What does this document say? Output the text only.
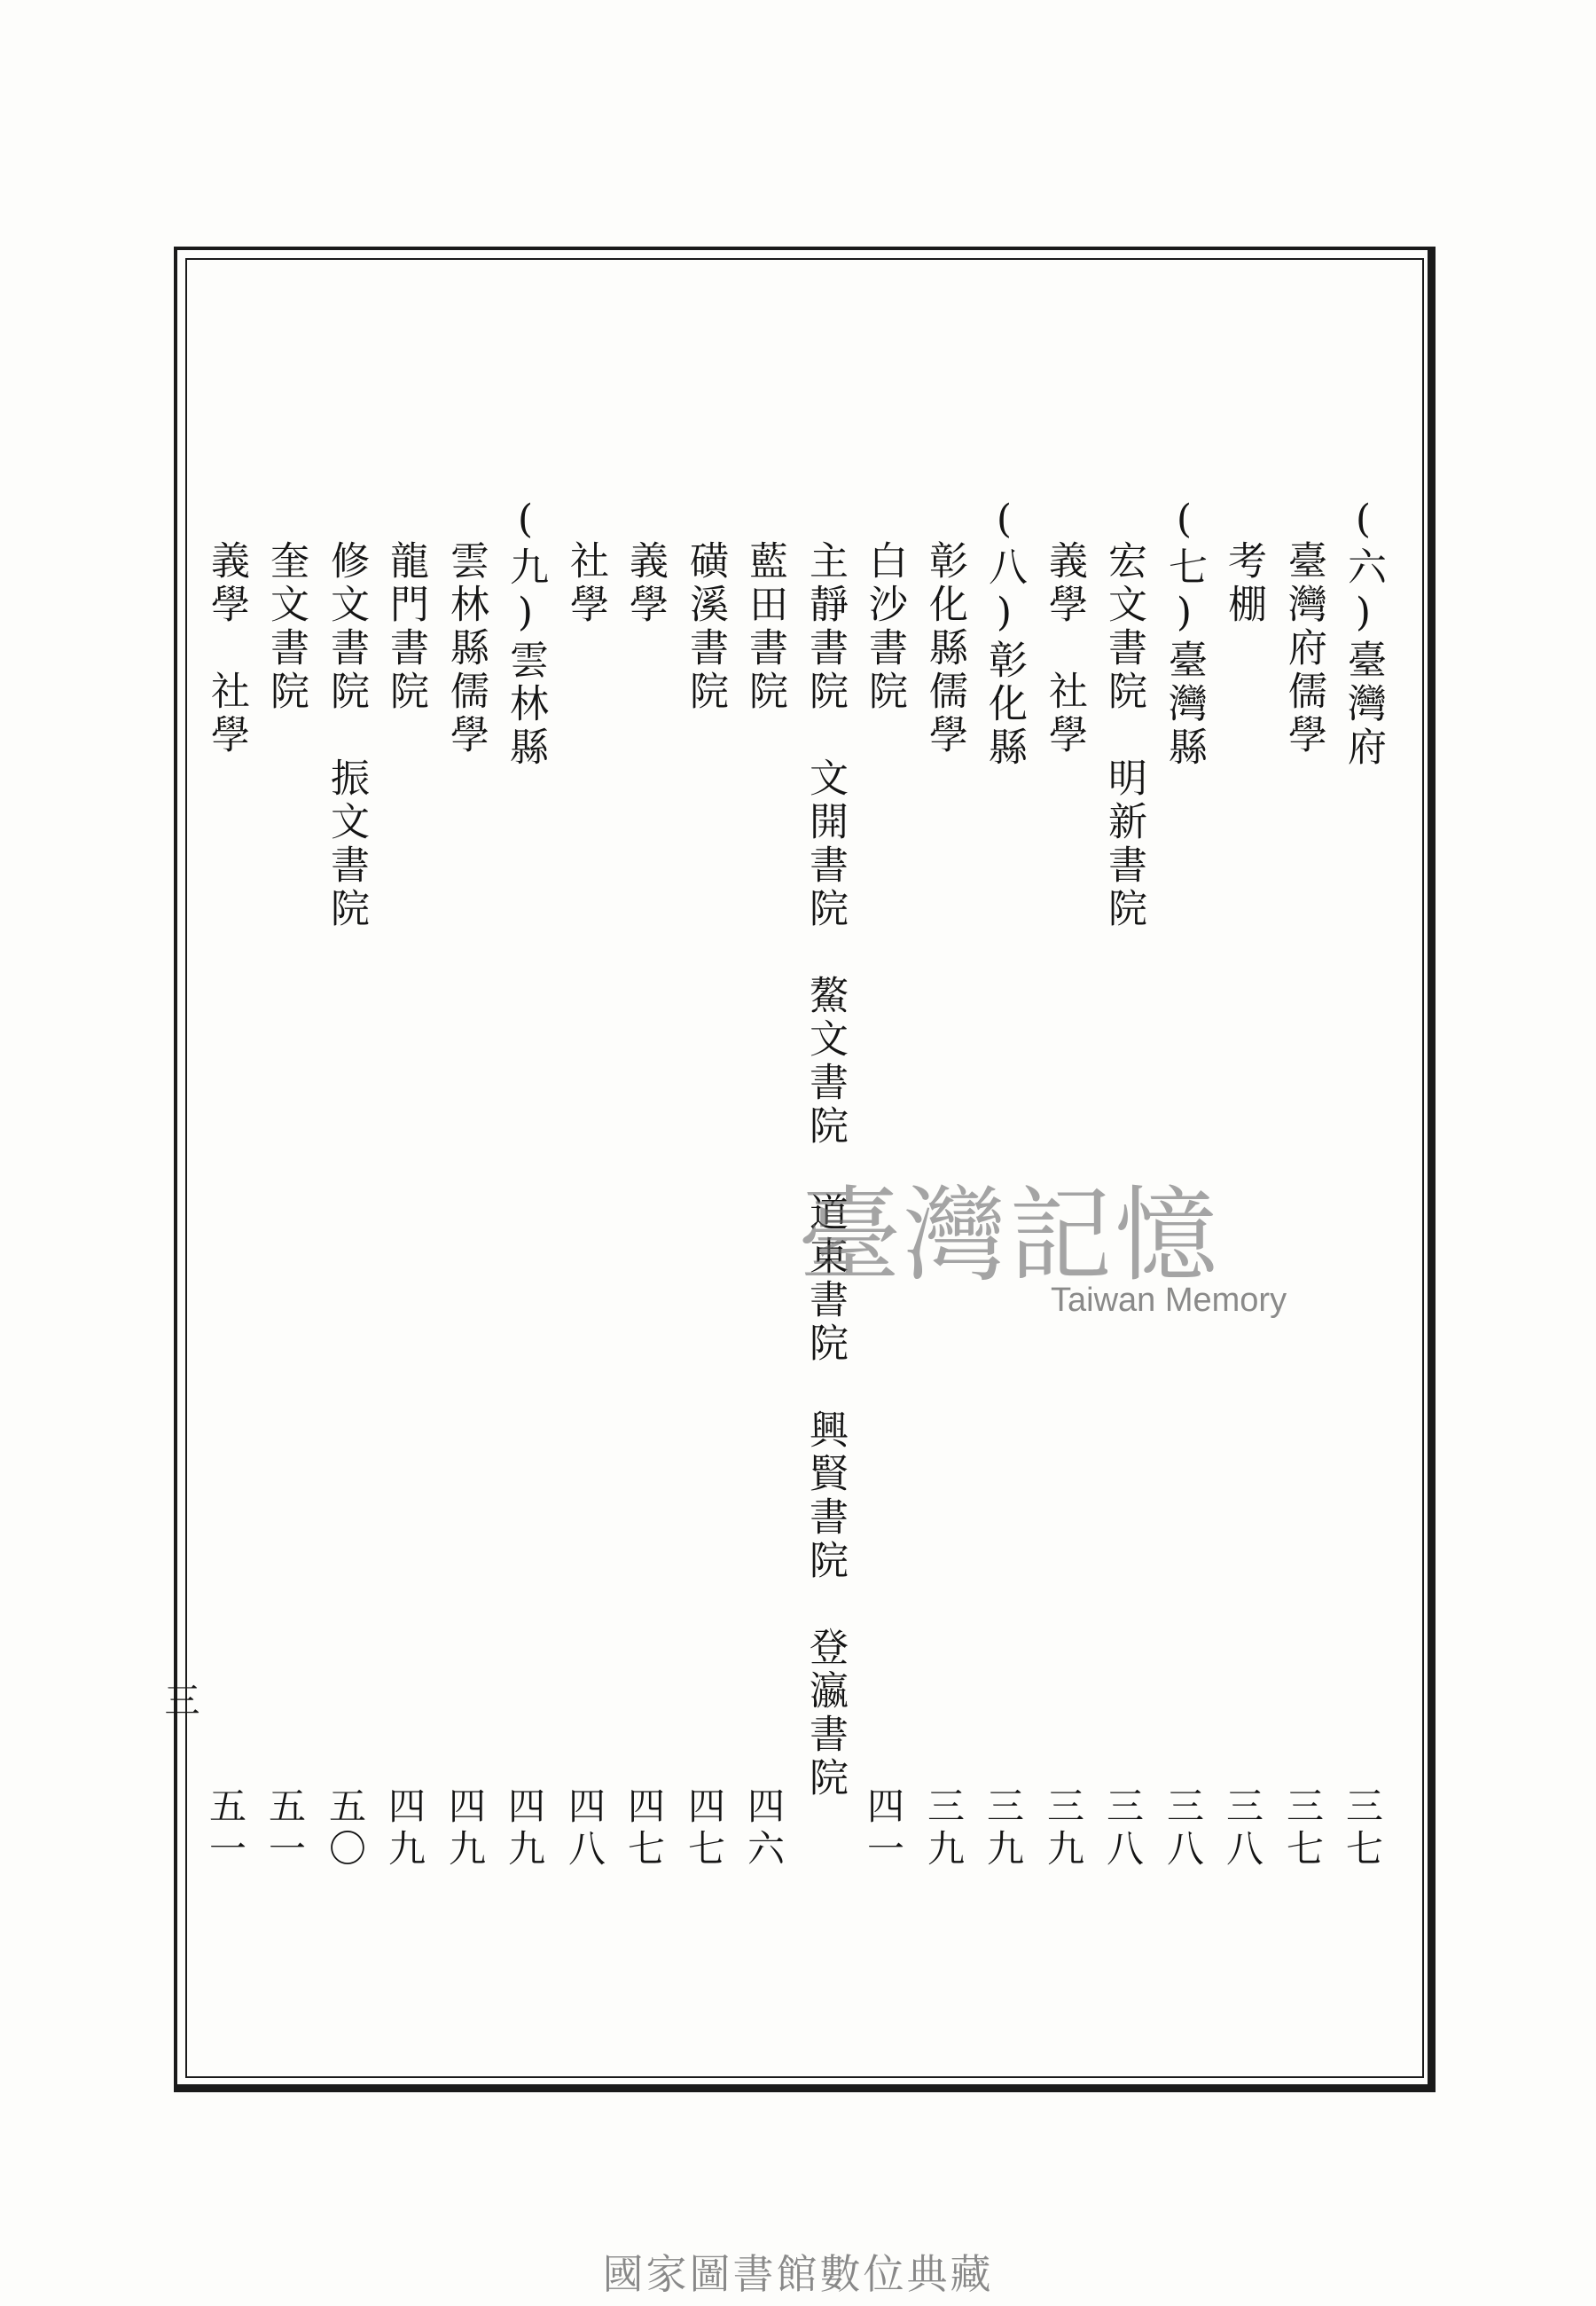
(六)臺灣府
　臺灣府儒學
　考棚
(七)臺灣縣
　宏文書院　明新書院
　義學　社學
(八)彰化縣
　彰化縣儒學
　白沙書院
　主靜書院　文開書院　鰲文書院　道東書院　興賢書院　登瀛書院
　藍田書院
　磺溪書院
　義學
　社學
(九)雲林縣
　雲林縣儒學
　龍門書院
　修文書院　振文書院
　奎文書院
　義學　社學
三七
三七
三八
三八
三八
三九
三九
三九
四一
四六
四七
四七
四八
四九
四九
四九
五〇
五一
五一
三
臺灣記憶
Taiwan Memory
國家圖書館數位典藏
